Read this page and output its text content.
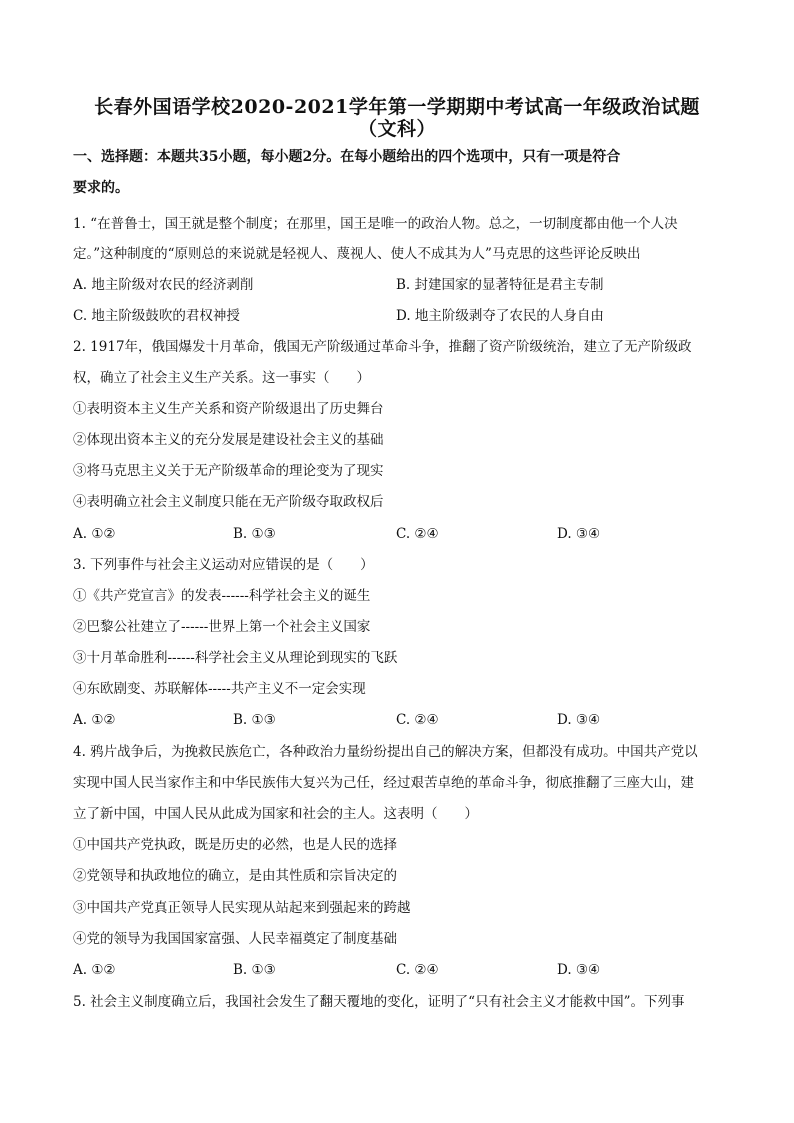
长春外国语学校2020-2021学年第一学期期中考试高一年级政治试题
（文科）
一、选择题：本题共35小题，每小题2分。在每小题给出的四个选项中，只有一项是符合
要求的。
1. “在普鲁士，国王就是整个制度；在那里，国王是唯一的政治人物。总之，一切制度都由他一个人决
定。”这种制度的“原则总的来说就是轻视人、蔑视人、使人不成其为人”马克思的这些评论反映出
A. 地主阶级对农民的经济剥削	B. 封建国家的显著特征是君主专制
C. 地主阶级鼓吹的君权神授	D. 地主阶级剥夺了农民的人身自由
2. 1917年，俄国爆发十月革命，俄国无产阶级通过革命斗争，推翻了资产阶级统治，建立了无产阶级政
权，确立了社会主义生产关系。这一事实（　　）
①表明资本主义生产关系和资产阶级退出了历史舞台
②体现出资本主义的充分发展是建设社会主义的基础
③将马克思主义关于无产阶级革命的理论变为了现实
④表明确立社会主义制度只能在无产阶级夺取政权后
A. ①②	B. ①③	C. ②④	D. ③④
3. 下列事件与社会主义运动对应错误的是（　　）
①《共产党宣言》的发表------科学社会主义的诞生
②巴黎公社建立了------世界上第一个社会主义国家
③十月革命胜利------科学社会主义从理论到现实的飞跃
④东欧剧变、苏联解体-----共产主义不一定会实现
A. ①②	B. ①③	C. ②④	D. ③④
4. 鸦片战争后，为挽救民族危亡，各种政治力量纷纷提出自己的解决方案，但都没有成功。中国共产党以
实现中国人民当家作主和中华民族伟大复兴为己任，经过艰苦卓绝的革命斗争，彻底推翻了三座大山，建
立了新中国，中国人民从此成为国家和社会的主人。这表明（　　）
①中国共产党执政，既是历史的必然，也是人民的选择
②党领导和执政地位的确立，是由其性质和宗旨决定的
③中国共产党真正领导人民实现从站起来到强起来的跨越
④党的领导为我国国家富强、人民幸福奠定了制度基础
A. ①②	B. ①③	C. ②④	D. ③④
5. 社会主义制度确立后，我国社会发生了翻天覆地的变化，证明了“只有社会主义才能救中国”。下列事
